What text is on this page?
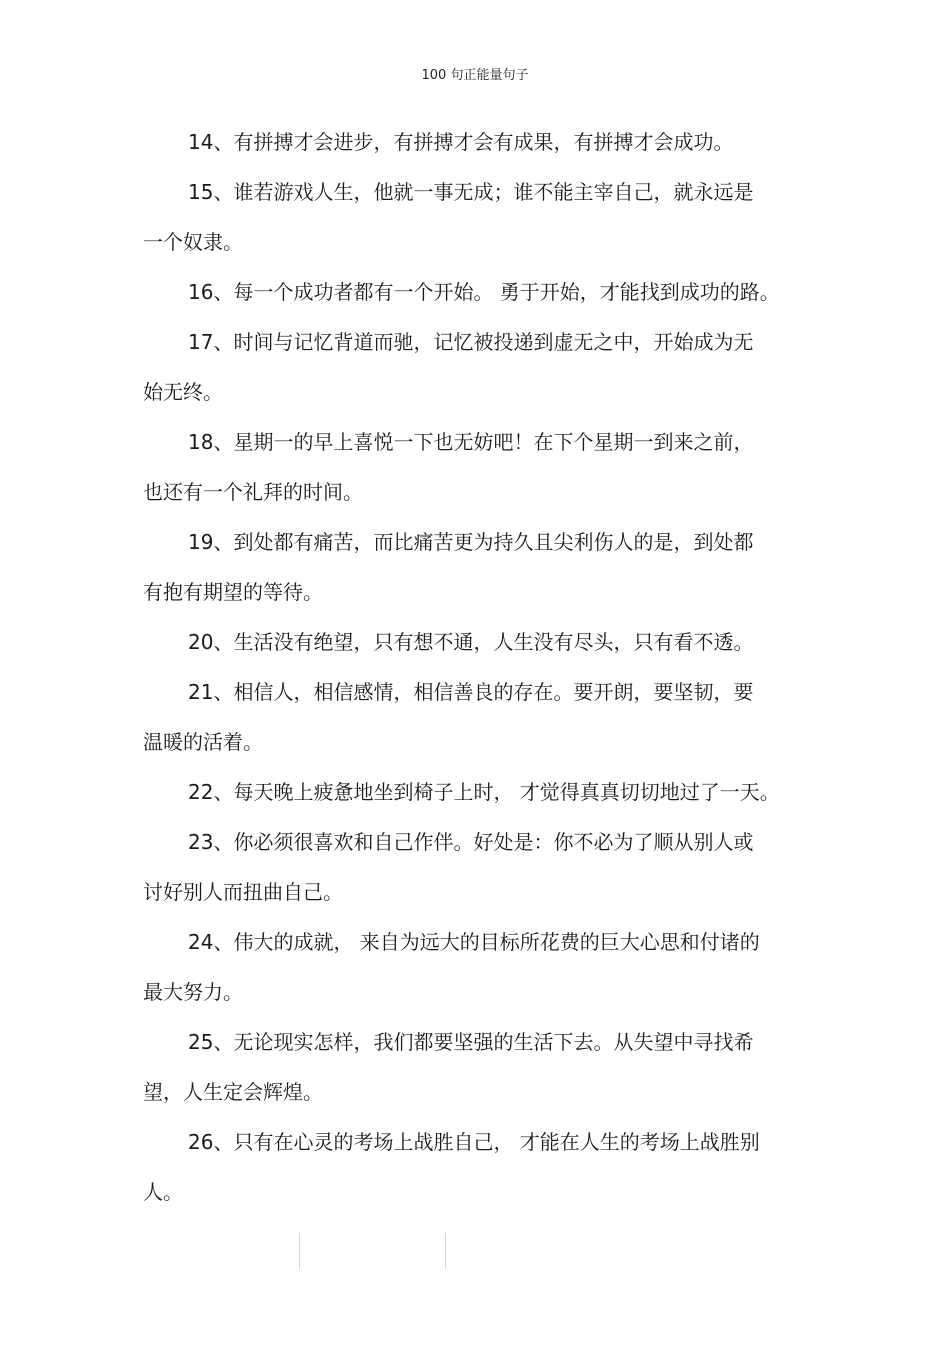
100 句正能量句子
14、有拼搏才会进步，有拼搏才会有成果，有拼搏才会成功。
15、谁若游戏人生，他就一事无成；谁不能主宰自己，就永远是
一个奴隶。
16、每一个成功者都有一个开始。 勇于开始，才能找到成功的路。
17、时间与记忆背道而驰，记忆被投递到虚无之中，开始成为无
始无终。
18、星期一的早上喜悦一下也无妨吧！在下个星期一到来之前，
也还有一个礼拜的时间。
19、到处都有痛苦，而比痛苦更为持久且尖利伤人的是，到处都
有抱有期望的等待。
20、生活没有绝望，只有想不通，人生没有尽头，只有看不透。
21、相信人，相信感情，相信善良的存在。要开朗，要坚韧，要
温暖的活着。
22、每天晚上疲惫地坐到椅子上时， 才觉得真真切切地过了一天。
23、你必须很喜欢和自己作伴。好处是：你不必为了顺从别人或
讨好别人而扭曲自己。
24、伟大的成就， 来自为远大的目标所花费的巨大心思和付诸的
最大努力。
25、无论现实怎样，我们都要坚强的生活下去。从失望中寻找希
望，人生定会辉煌。
26、只有在心灵的考场上战胜自己， 才能在人生的考场上战胜别
人。
